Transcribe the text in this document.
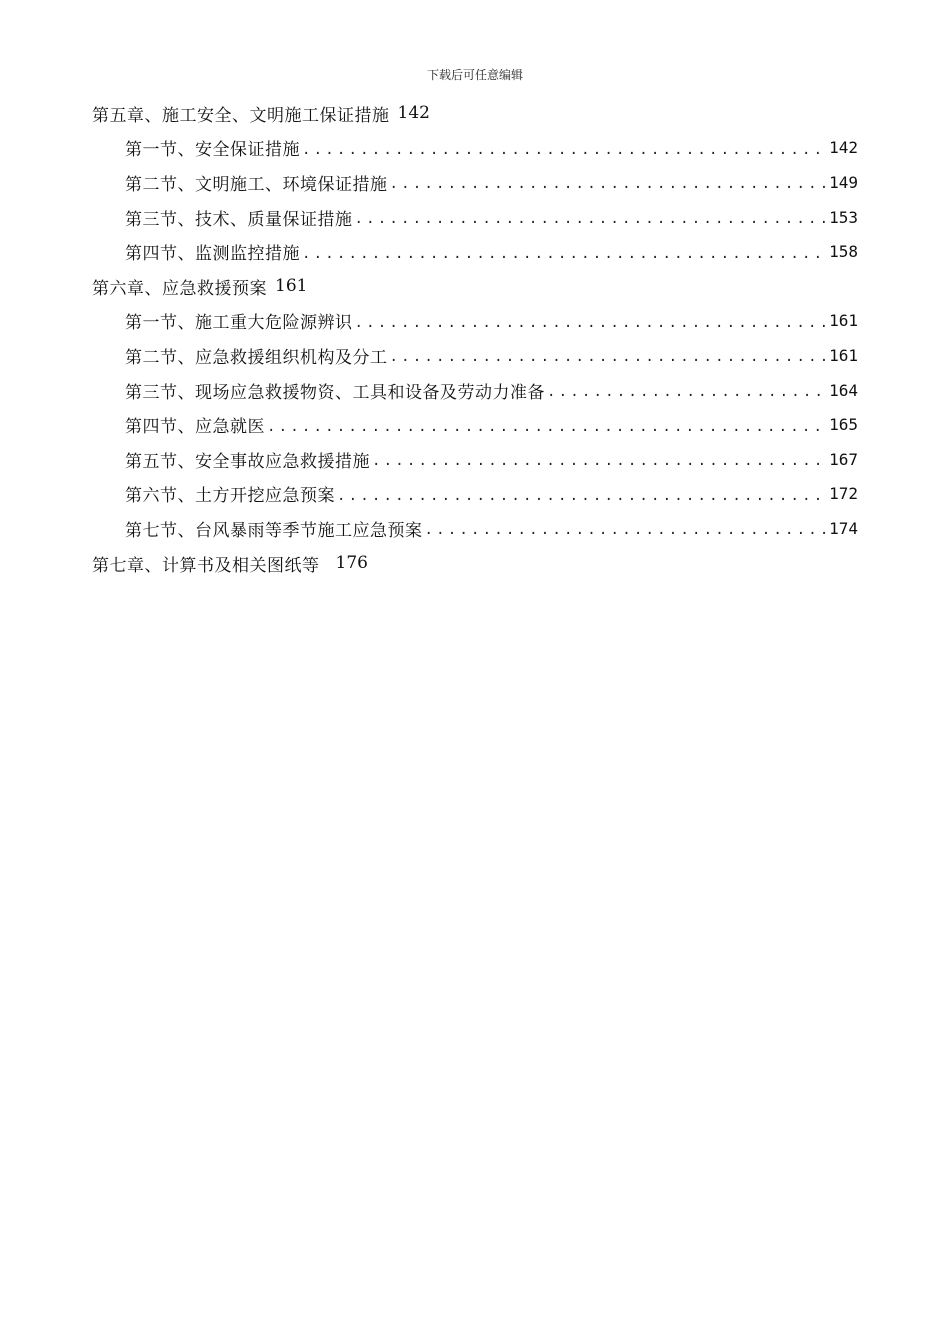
下载后可任意编辑
第五章、施工安全、文明施工保证措施 142
第一节、安全保证措施 .....	142
第二节、文明施工、环境保证措施 .....	149
第三节、技术、质量保证措施 .....	153
第四节、监测监控措施 .....	158
第六章、应急救援预案 161
第一节、施工重大危险源辨识 .....	161
第二节、应急救援组织机构及分工 .....	161
第三节、现场应急救援物资、工具和设备及劳动力准备 .....	164
第四节、应急就医 .....	165
第五节、安全事故应急救援措施 .....	167
第六节、土方开挖应急预案 .....	172
第七节、台风暴雨等季节施工应急预案 .....	174
第七章、计算书及相关图纸等 176
